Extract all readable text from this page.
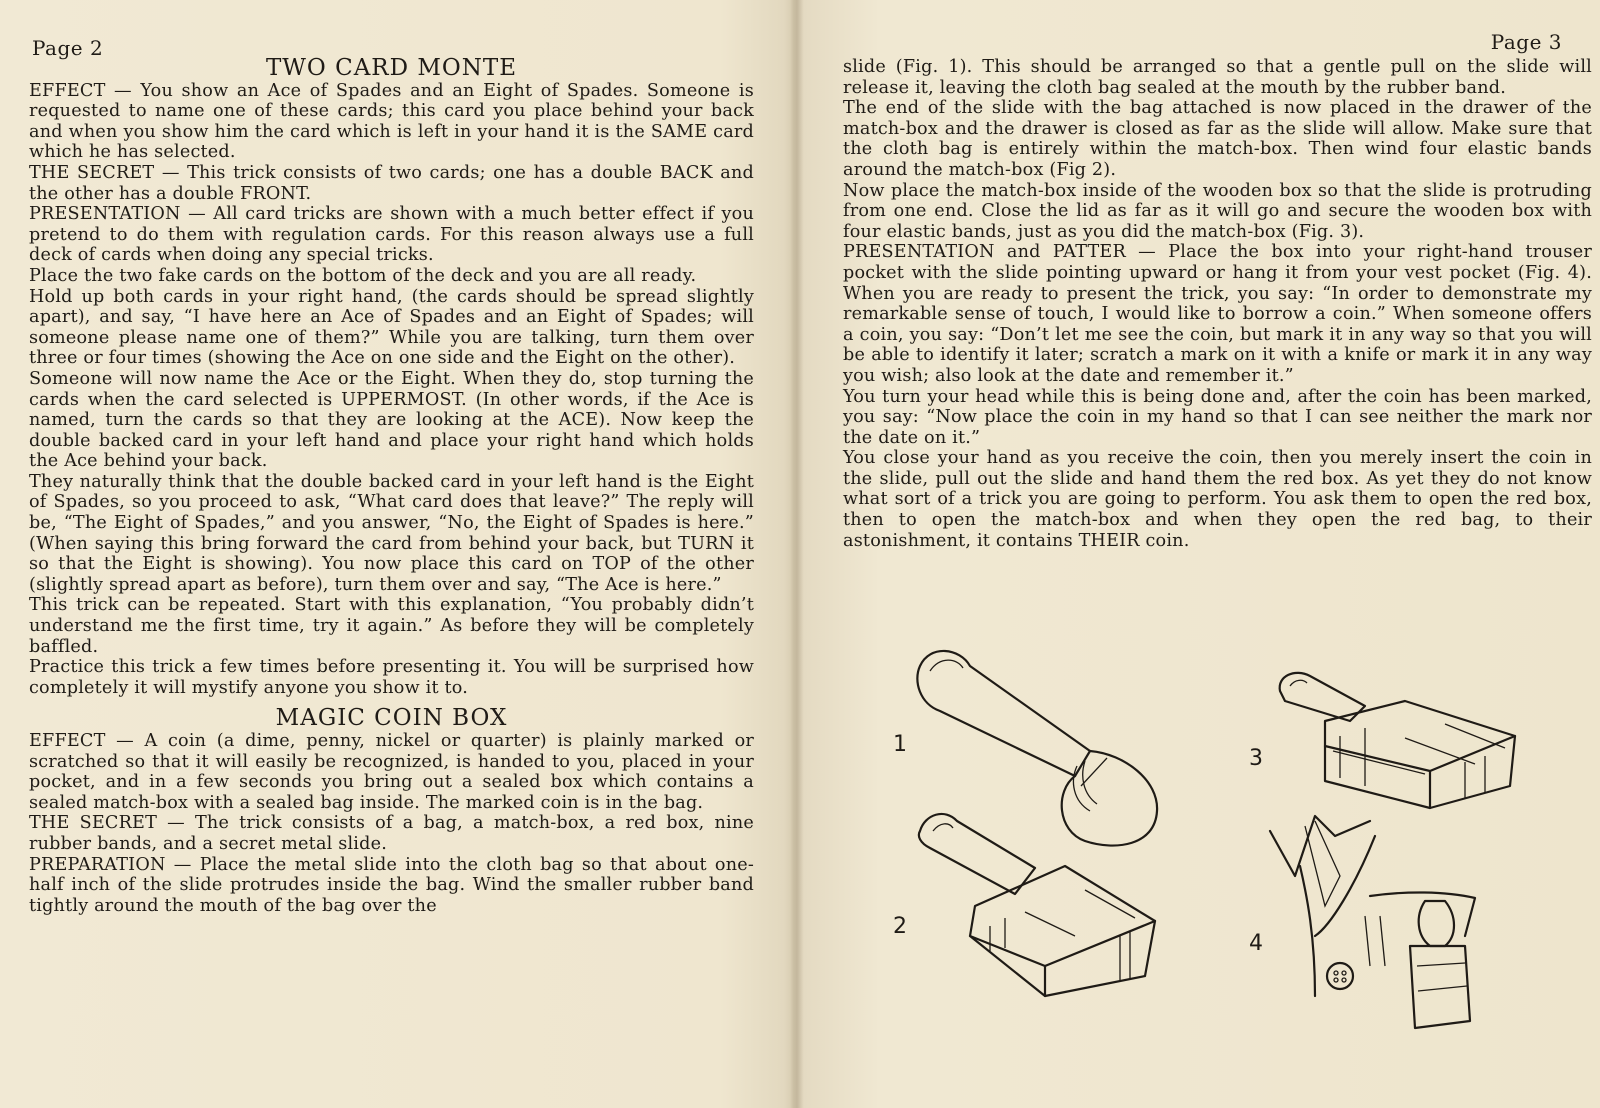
Page 2
TWO CARD MONTE

EFFECT — You show an Ace of Spades and an Eight of Spades. Someone is requested to name one of these cards; this card you place behind your back and when you show him the card which is left in your hand it is the SAME card which he has selected.

THE SECRET — This trick consists of two cards; one has a double BACK and the other has a double FRONT.

PRESENTATION — All card tricks are shown with a much better effect if you pretend to do them with regulation cards. For this reason always use a full deck of cards when doing any special tricks.

Place the two fake cards on the bottom of the deck and you are all ready.

Hold up both cards in your right hand, (the cards should be spread slightly apart), and say, “I have here an Ace of Spades and an Eight of Spades; will someone please name one of them?” While you are talking, turn them over three or four times (showing the Ace on one side and the Eight on the other).

Someone will now name the Ace or the Eight. When they do, stop turning the cards when the card selected is UPPERMOST. (In other words, if the Ace is named, turn the cards so that they are looking at the ACE). Now keep the double backed card in your left hand and place your right hand which holds the Ace behind your back.

They naturally think that the double backed card in your left hand is the Eight of Spades, so you proceed to ask, “What card does that leave?” The reply will be, “The Eight of Spades,” and you answer, “No, the Eight of Spades is here.” (When saying this bring forward the card from behind your back, but TURN it so that the Eight is showing). You now place this card on TOP of the other (slightly spread apart as before), turn them over and say, “The Ace is here.”

This trick can be repeated. Start with this explanation, “You probably didn’t understand me the first time, try it again.” As before they will be completely baffled.

Practice this trick a few times before presenting it. You will be surprised how completely it will mystify anyone you show it to.

MAGIC COIN BOX

EFFECT — A coin (a dime, penny, nickel or quarter) is plainly marked or scratched so that it will easily be recognized, is handed to you, placed in your pocket, and in a few seconds you bring out a sealed box which contains a sealed match-box with a sealed bag inside. The marked coin is in the bag.

THE SECRET — The trick consists of a bag, a match-box, a red box, nine rubber bands, and a secret metal slide.

PREPARATION — Place the metal slide into the cloth bag so that about one-half inch of the slide protrudes inside the bag. Wind the smaller rubber band tightly around the mouth of the bag over the

Page 3

slide (Fig. 1). This should be arranged so that a gentle pull on the slide will release it, leaving the cloth bag sealed at the mouth by the rubber band.

The end of the slide with the bag attached is now placed in the drawer of the match-box and the drawer is closed as far as the slide will allow. Make sure that the cloth bag is entirely within the match-box. Then wind four elastic bands around the match-box (Fig 2).

Now place the match-box inside of the wooden box so that the slide is protruding from one end. Close the lid as far as it will go and secure the wooden box with four elastic bands, just as you did the match-box (Fig. 3).

PRESENTATION and PATTER — Place the box into your right-hand trouser pocket with the slide pointing upward or hang it from your vest pocket (Fig. 4). When you are ready to present the trick, you say: “In order to demonstrate my remarkable sense of touch, I would like to borrow a coin.” When someone offers a coin, you say: “Don’t let me see the coin, but mark it in any way so that you will be able to identify it later; scratch a mark on it with a knife or mark it in any way you wish; also look at the date and remember it.”

You turn your head while this is being done and, after the coin has been marked, you say: “Now place the coin in my hand so that I can see neither the mark nor the date on it.”

You close your hand as you receive the coin, then you merely insert the coin in the slide, pull out the slide and hand them the red box. As yet they do not know what sort of a trick you are going to perform. You ask them to open the red box, then to open the match-box and when they open the red bag, to their astonishment, it contains THEIR coin.

1
2
3
4
